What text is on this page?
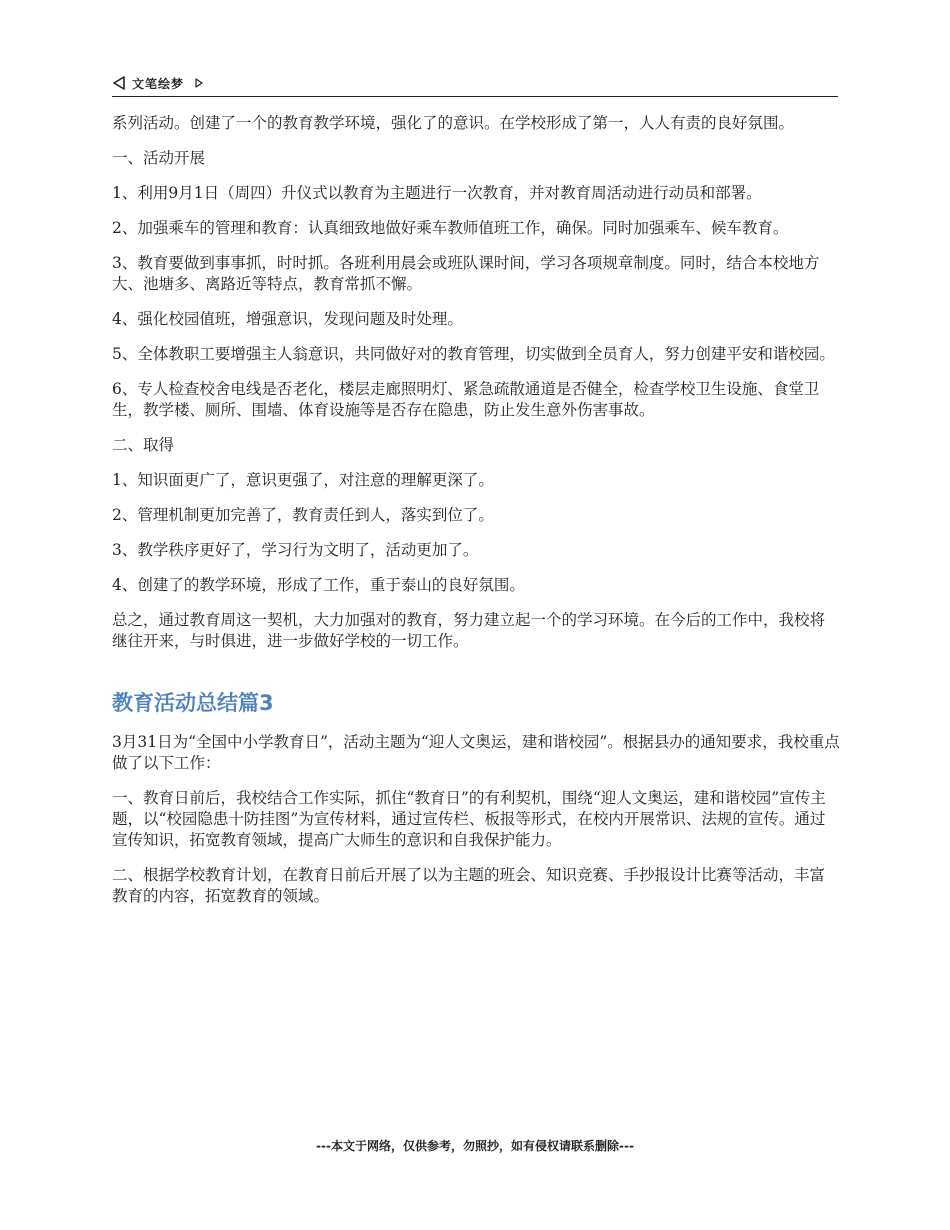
文笔绘梦

系列活动。创建了一个的教育教学环境，强化了的意识。在学校形成了第一，人人有责的良好氛围。

一、活动开展

1、利用9月1日（周四）升仪式以教育为主题进行一次教育，并对教育周活动进行动员和部署。

2、加强乘车的管理和教育：认真细致地做好乘车教师值班工作，确保。同时加强乘车、候车教育。

3、教育要做到事事抓，时时抓。各班利用晨会或班队课时间，学习各项规章制度。同时，结合本校地方大、池塘多、离路近等特点，教育常抓不懈。

4、强化校园值班，增强意识，发现问题及时处理。

5、全体教职工要增强主人翁意识，共同做好对的教育管理，切实做到全员育人，努力创建平安和谐校园。

6、专人检查校舍电线是否老化，楼层走廊照明灯、紧急疏散通道是否健全，检查学校卫生设施、食堂卫生，教学楼、厕所、围墙、体育设施等是否存在隐患，防止发生意外伤害事故。

二、取得

1、知识面更广了，意识更强了，对注意的理解更深了。

2、管理机制更加完善了，教育责任到人，落实到位了。

3、教学秩序更好了，学习行为文明了，活动更加了。

4、创建了的教学环境，形成了工作，重于泰山的良好氛围。

总之，通过教育周这一契机，大力加强对的教育，努力建立起一个的学习环境。在今后的工作中，我校将继往开来，与时俱进，进一步做好学校的一切工作。

教育活动总结篇3

3月31日为“全国中小学教育日”，活动主题为“迎人文奥运，建和谐校园”。根据县办的通知要求，我校重点做了以下工作：

一、教育日前后，我校结合工作实际，抓住“教育日”的有利契机，围绕“迎人文奥运，建和谐校园”宣传主题，以“校园隐患十防挂图”为宣传材料，通过宣传栏、板报等形式，在校内开展常识、法规的宣传。通过宣传知识，拓宽教育领域，提高广大师生的意识和自我保护能力。

二、根据学校教育计划，在教育日前后开展了以为主题的班会、知识竞赛、手抄报设计比赛等活动，丰富教育的内容，拓宽教育的领域。

---本文于网络，仅供参考，勿照抄，如有侵权请联系删除---
